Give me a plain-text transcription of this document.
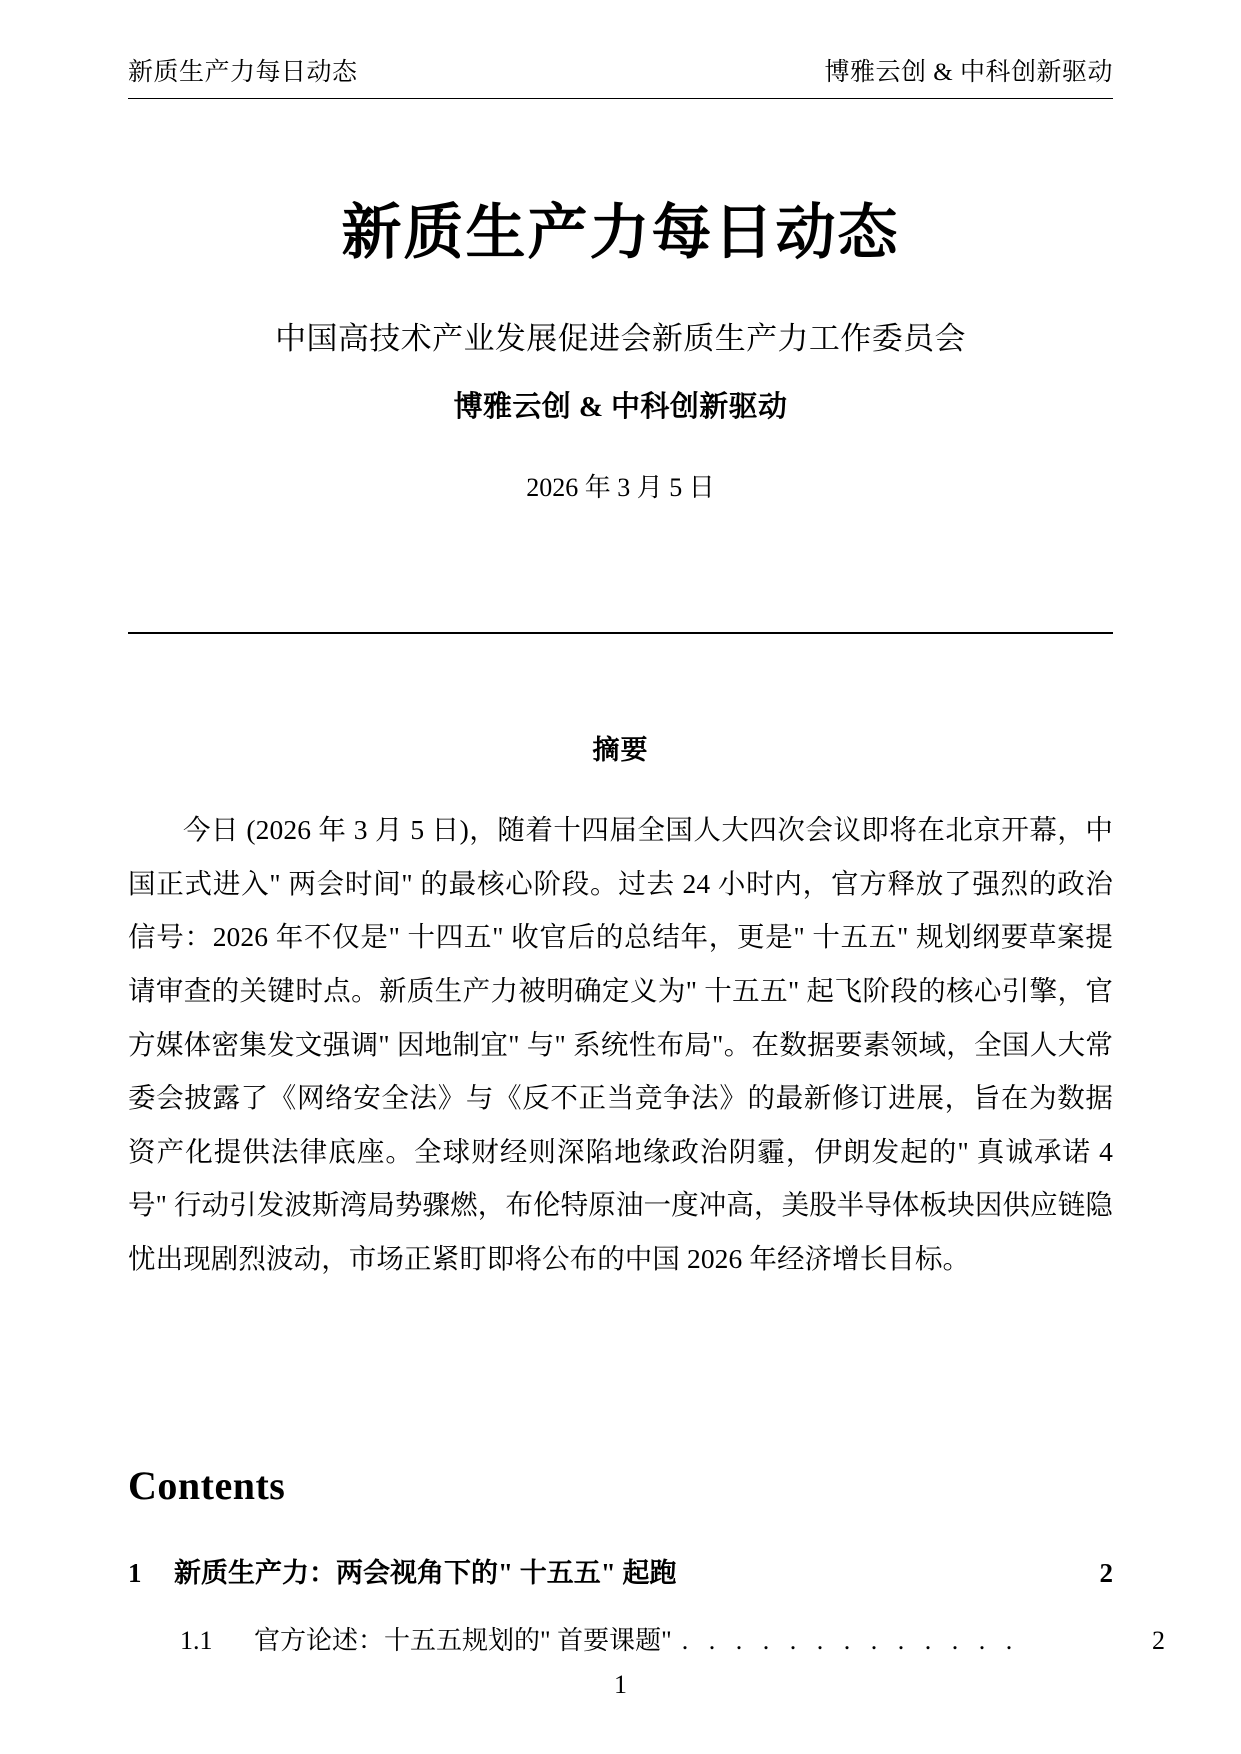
新质生产力每日动态	博雅云创 & 中科创新驱动
新质生产力每日动态
中国高技术产业发展促进会新质生产力工作委员会
博雅云创 & 中科创新驱动
2026 年 3 月 5 日
摘要

今日 (2026 年 3 月 5 日)，随着十四届全国人大四次会议即将在北京开幕，中国正式进入" 两会时间" 的最核心阶段。过去 24 小时内，官方释放了强烈的政治信号：2026 年不仅是" 十四五" 收官后的总结年，更是" 十五五" 规划纲要草案提请审查的关键时点。新质生产力被明确定义为" 十五五" 起飞阶段的核心引擎，官方媒体密集发文强调" 因地制宜" 与" 系统性布局"。在数据要素领域，全国人大常委会披露了《网络安全法》与《反不正当竞争法》的最新修订进展，旨在为数据资产化提供法律底座。全球财经则深陷地缘政治阴霾，伊朗发起的" 真诚承诺 4 号" 行动引发波斯湾局势骤燃，布伦特原油一度冲高，美股半导体板块因供应链隐忧出现剧烈波动，市场正紧盯即将公布的中国 2026 年经济增长目标。

Contents
1	新质生产力：两会视角下的" 十五五" 起跑	2
1.1	官方论述：十五五规划的" 首要课题" . . . . . . . . . . . . .	2
1
